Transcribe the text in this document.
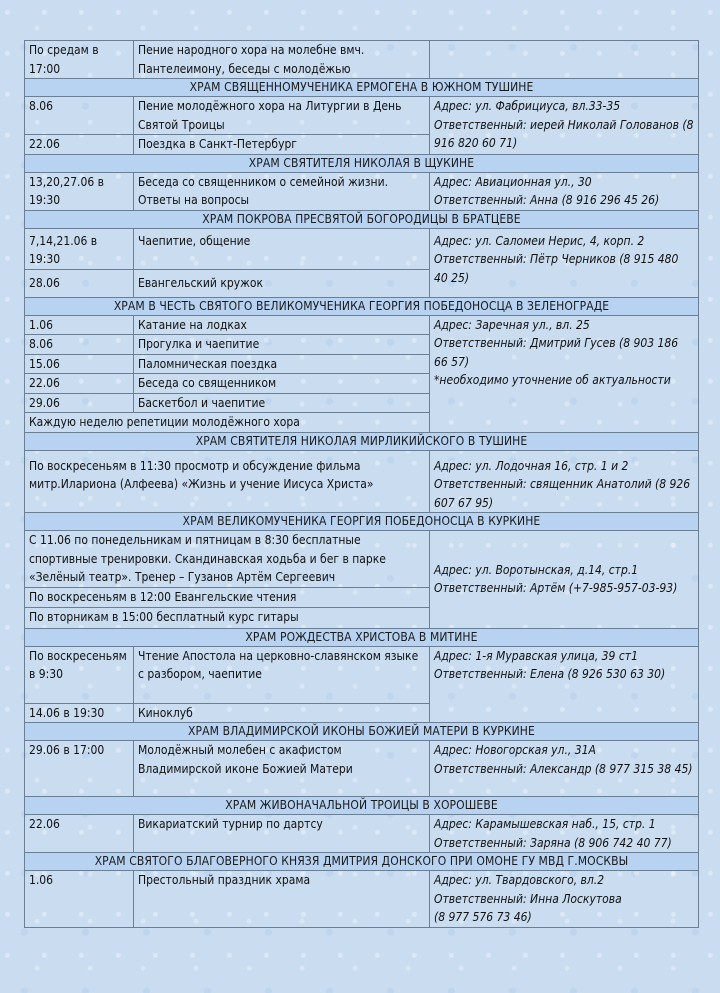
По средам в 17:00	Пение народного хора на молебне вмч. Пантелеимону, беседы с молодёжью	
ХРАМ СВЯЩЕННОМУЧЕНИКА ЕРМОГЕНА В ЮЖНОМ ТУШИНЕ		
8.06	Пение молодёжного хора на Литургии в День Святой Троицы	Адрес: ул. Фабрициуса, вл.33-35
Ответственный: иерей Николай Голованов (8 916 820 60 71)

22.06	Поездка в Санкт-Петербург	
ХРАМ СВЯТИТЕЛЯ НИКОЛАЯ В ЩУКИНЕ		
13,20,27.06 в 19:30	Беседа со священником о семейной жизни. Ответы на вопросы	Адрес: Авиационная ул., 30
Ответственный: Анна (8 916 296 45 26)

ХРАМ ПОКРОВА ПРЕСВЯТОЙ БОГОРОДИЦЫ В БРАТЦЕВЕ		
7,14,21.06 в 19:30	Чаепитие, общение	Адрес: ул. Саломеи Нерис, 4, корп. 2
Ответственный: Пётр Черников (8 915 480 40 25)

28.06	Евангельский кружок	
ХРАМ В ЧЕСТЬ СВЯТОГО ВЕЛИКОМУЧЕНИКА ГЕОРГИЯ ПОБЕДОНОСЦА В ЗЕЛЕНОГРАДЕ		
1.06	Катание на лодках	Адрес: Заречная ул., вл. 25
Ответственный: Дмитрий Гусев (8 903 186 66 57)
*необходимо уточнение об актуальности

8.06	Прогулка и чаепитие	
15.06	Паломническая поездка	
22.06	Беседа со священником	
29.06	Баскетбол и чаепитие	
Каждую неделю репетиции молодёжного хора		
ХРАМ СВЯТИТЕЛЯ НИКОЛАЯ МИРЛИКИЙСКОГО В ТУШИНЕ		
По воскресеньям в 11:30 просмотр и обсуждение фильма митр.Илариона (Алфеева) «Жизнь и учение Иисуса Христа»		Адрес: ул. Лодочная 16, стр. 1 и 2
Ответственный: священник Анатолий (8 926 607 67 95)

ХРАМ ВЕЛИКОМУЧЕНИКА ГЕОРГИЯ ПОБЕДОНОСЦА В КУРКИНЕ		
С 11.06 по понедельникам и пятницам в 8:30 бесплатные спортивные тренировки. Скандинавская ходьба и бег в парке «Зелёный театр». Тренер – Гузанов Артём Сергеевич		Адрес: ул. Воротынская, д.14, стр.1
Ответственный: Артём (+7-985-957-03-93)

По воскресеньям в 12:00 Евангельские чтения		
По вторникам в 15:00 бесплатный курс гитары		
ХРАМ РОЖДЕСТВА ХРИСТОВА В МИТИНЕ		
По воскресеньям в 9:30	Чтение Апостола на церковно-славянском языке с разбором, чаепитие	Адрес: 1-я Муравская улица, 39 ст1
Ответственный: Елена (8 926 530 63 30)

14.06 в 19:30	Киноклуб	
ХРАМ ВЛАДИМИРСКОЙ ИКОНЫ БОЖИЕЙ МАТЕРИ В КУРКИНЕ		
29.06 в 17:00	Молодёжный молебен с акафистом Владимирской иконе Божией Матери	Адрес: Новогорская ул., 31А
Ответственный: Александр (8 977 315 38 45)

ХРАМ ЖИВОНАЧАЛЬНОЙ ТРОИЦЫ В ХОРОШЕВЕ		
22.06	Викариатский турнир по дартсу	Адрес: Карамышевская наб., 15, стр. 1
Ответственный: Заряна (8 906 742 40 77)

ХРАМ СВЯТОГО БЛАГОВЕРНОГО КНЯЗЯ ДМИТРИЯ ДОНСКОГО ПРИ ОМОНЕ ГУ МВД Г.МОСКВЫ		
1.06	Престольный праздник храма	Адрес: ул. Твардовского, вл.2
Ответственный: Инна Лоскутова
(8 977 576 73 46)
